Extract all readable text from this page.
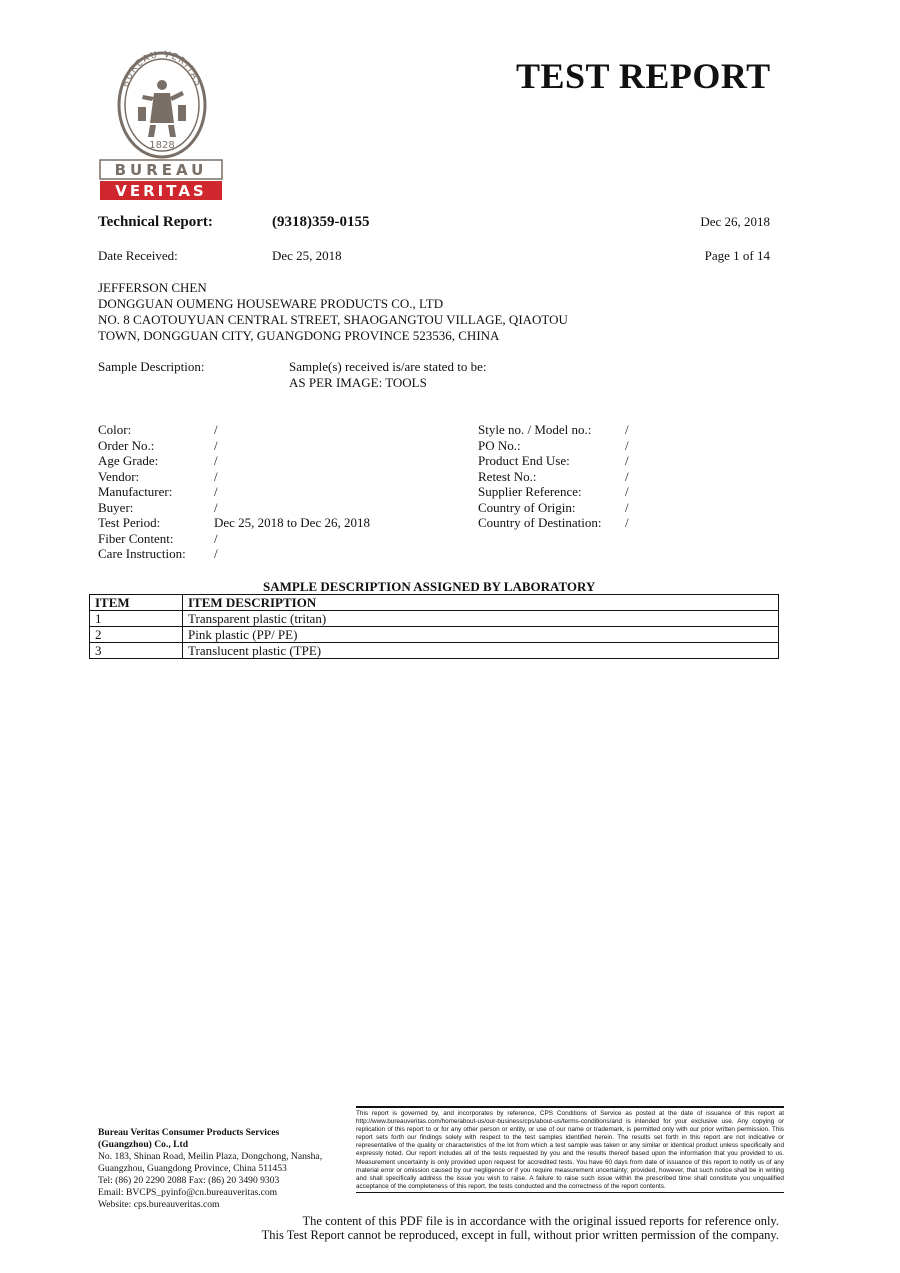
BUREAU VERITAS
1828
BUREAU
VERITAS
TEST REPORT
Technical Report:	(9318)359-0155	Dec 26, 2018
Date Received:	Dec 25, 2018	Page 1 of 14
JEFFERSON CHEN
DONGGUAN OUMENG HOUSEWARE PRODUCTS CO., LTD
NO. 8 CAOTOUYUAN CENTRAL STREET, SHAOGANGTOU VILLAGE, QIAOTOU
TOWN, DONGGUAN CITY, GUANGDONG PROVINCE 523536, CHINA
Sample Description:	Sample(s) received is/are stated to be:
AS PER IMAGE: TOOLS
Color:	/
Order No.:	/
Age Grade:	/
Vendor:	/
Manufacturer:	/
Buyer:	/
Test Period:	Dec 25, 2018 to Dec 26, 2018
Fiber Content:	/
Care Instruction: /
Style no. / Model no.:	/
PO No.:	/
Product End Use:	/
Retest No.:	/
Supplier Reference:	/
Country of Origin:	/
Country of Destination: /
SAMPLE DESCRIPTION ASSIGNED BY LABORATORY
ITEM	ITEM DESCRIPTION
1	Transparent plastic (tritan)
2	Pink plastic (PP/ PE)
3	Translucent plastic (TPE)
Bureau Veritas Consumer Products Services
(Guangzhou) Co., Ltd
No. 183, Shinan Road, Meilin Plaza, Dongchong, Nansha,
Guangzhou, Guangdong Province, China 511453
Tel: (86) 20 2290 2088 Fax: (86) 20 3490 9303
Email: BVCPS_pyinfo@cn.bureauveritas.com
Website: cps.bureauveritas.com
This report is governed by, and incorporates by reference, CPS Conditions of Service as posted at the date of issuance of this report at http://www.bureauveritas.com/home/about-us/our-business/cps/about-us/terms-conditions/and is intended for your exclusive use. Any copying or replication of this report to or for any other person or entity, or use of our name or trademark, is permitted only with our prior written permission. This report sets forth our findings solely with respect to the test samples identified herein. The results set forth in this report are not indicative or representative of the quality or characteristics of the lot from which a test sample was taken or any similar or identical product unless specifically and expressly noted. Our report includes all of the tests requested by you and the results thereof based upon the information that you provided to us. Measurement uncertainty is only provided upon request for accredited tests. You have 60 days from date of issuance of this report to notify us of any material error or omission caused by our negligence or if you require measurement uncertainty; provided, however, that such notice shall be in writing and shall specifically address the issue you wish to raise. A failure to raise such issue within the prescribed time shall constitute you unqualified acceptance of the completeness of this report, the tests conducted and the correctness of the report contents.
The content of this PDF file is in accordance with the original issued reports for reference only.
This Test Report cannot be reproduced, except in full, without prior written permission of the company.
